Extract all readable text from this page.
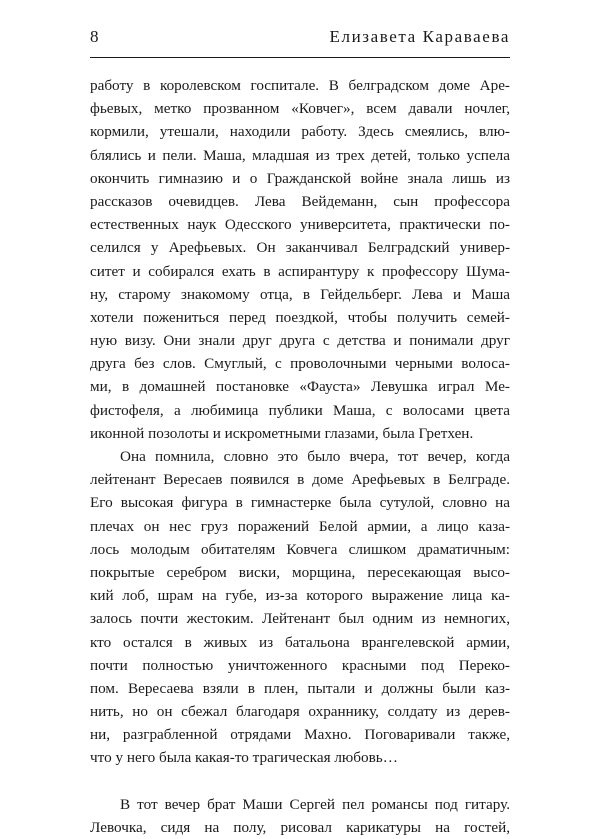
8	Елизавета Караваева
работу в королевском госпитале. В белградском доме Аре-
фьевых, метко прозванном «Ковчег», всем давали ночлег,
кормили, утешали, находили работу. Здесь смеялись, влю-
блялись и пели. Маша, младшая из трех детей, только успела
окончить гимназию и о Гражданской войне знала лишь из
рассказов очевидцев. Лева Вейдеманн, сын профессора
естественных наук Одесского университета, практически по-
селился у Арефьевых. Он заканчивал Белградский универ-
ситет и собирался ехать в аспирантуру к профессору Шума-
ну, старому знакомому отца, в Гейдельберг. Лева и Маша
хотели пожениться перед поездкой, чтобы получить семей-
ную визу. Они знали друг друга с детства и понимали друг
друга без слов. Смуглый, с проволочными черными волоса-
ми, в домашней постановке «Фауста» Левушка играл Ме-
фистофеля, а любимица публики Маша, с волосами цвета
иконной позолоты и искрометными глазами, была Гретхен.
Она помнила, словно это было вчера, тот вечер, когда
лейтенант Вересаев появился в доме Арефьевых в Белграде.
Его высокая фигура в гимнастерке была сутулой, словно на
плечах он нес груз поражений Белой армии, а лицо каза-
лось молодым обитателям Ковчега слишком драматичным:
покрытые серебром виски, морщина, пересекающая высо-
кий лоб, шрам на губе, из-за которого выражение лица ка-
залось почти жестоким. Лейтенант был одним из немногих,
кто остался в живых из батальона врангелевской армии,
почти полностью уничтоженного красными под Переко-
пом. Вересаева взяли в плен, пытали и должны были каз-
нить, но он сбежал благодаря охраннику, солдату из дерев-
ни, разграбленной отрядами Махно. Поговаривали также,
что у него была какая-то трагическая любовь…
В тот вечер брат Маши Сергей пел романсы под гитару.
Левочка, сидя на полу, рисовал карикатуры на гостей,
